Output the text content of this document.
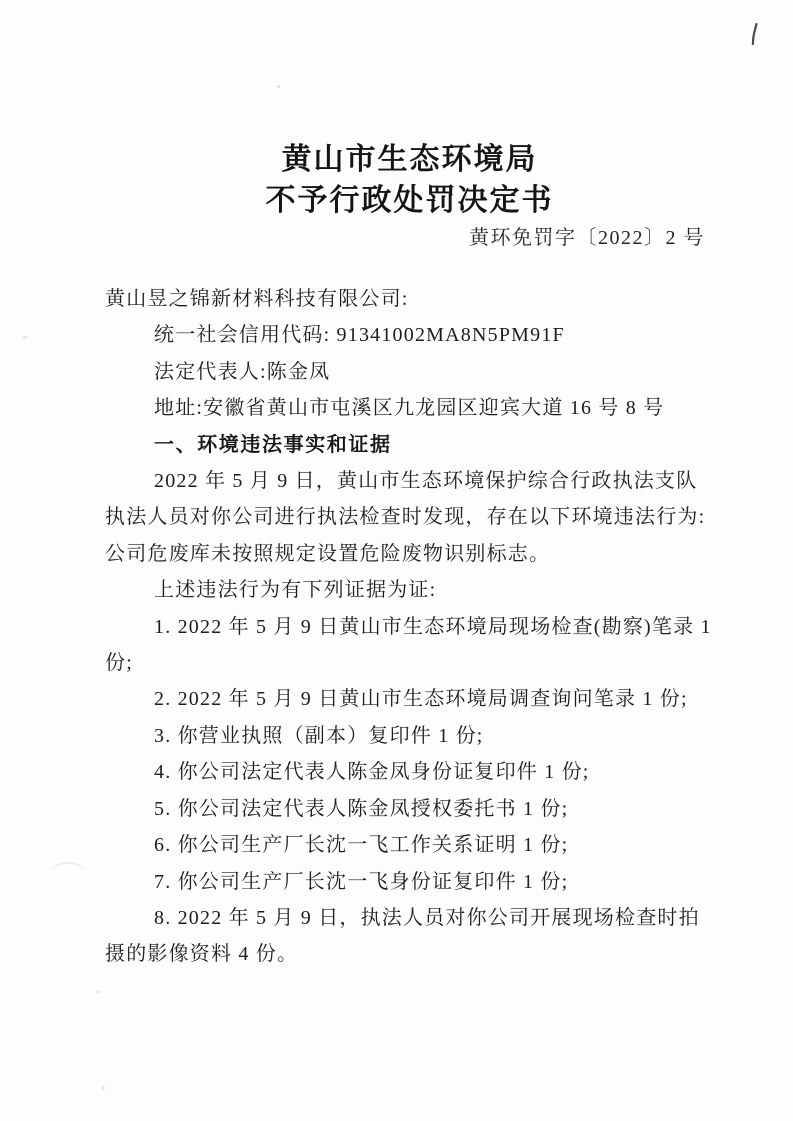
黄山市生态环境局
不予行政处罚决定书
黄环免罚字〔2022〕2 号
黄山昱之锦新材料科技有限公司:
统一社会信用代码: 91341002MA8N5PM91F
法定代表人:陈金凤
地址:安徽省黄山市屯溪区九龙园区迎宾大道 16 号 8 号
一、环境违法事实和证据
2022 年 5 月 9 日，黄山市生态环境保护综合行政执法支队
执法人员对你公司进行执法检查时发现，存在以下环境违法行为:
公司危废库未按照规定设置危险废物识别标志。
上述违法行为有下列证据为证:
1. 2022 年 5 月 9 日黄山市生态环境局现场检查(勘察)笔录 1
份;
2. 2022 年 5 月 9 日黄山市生态环境局调查询问笔录 1 份;
3. 你营业执照（副本）复印件 1 份;
4. 你公司法定代表人陈金凤身份证复印件 1 份;
5. 你公司法定代表人陈金凤授权委托书 1 份;
6. 你公司生产厂长沈一飞工作关系证明 1 份;
7. 你公司生产厂长沈一飞身份证复印件 1 份;
8. 2022 年 5 月 9 日，执法人员对你公司开展现场检查时拍
摄的影像资料 4 份。
